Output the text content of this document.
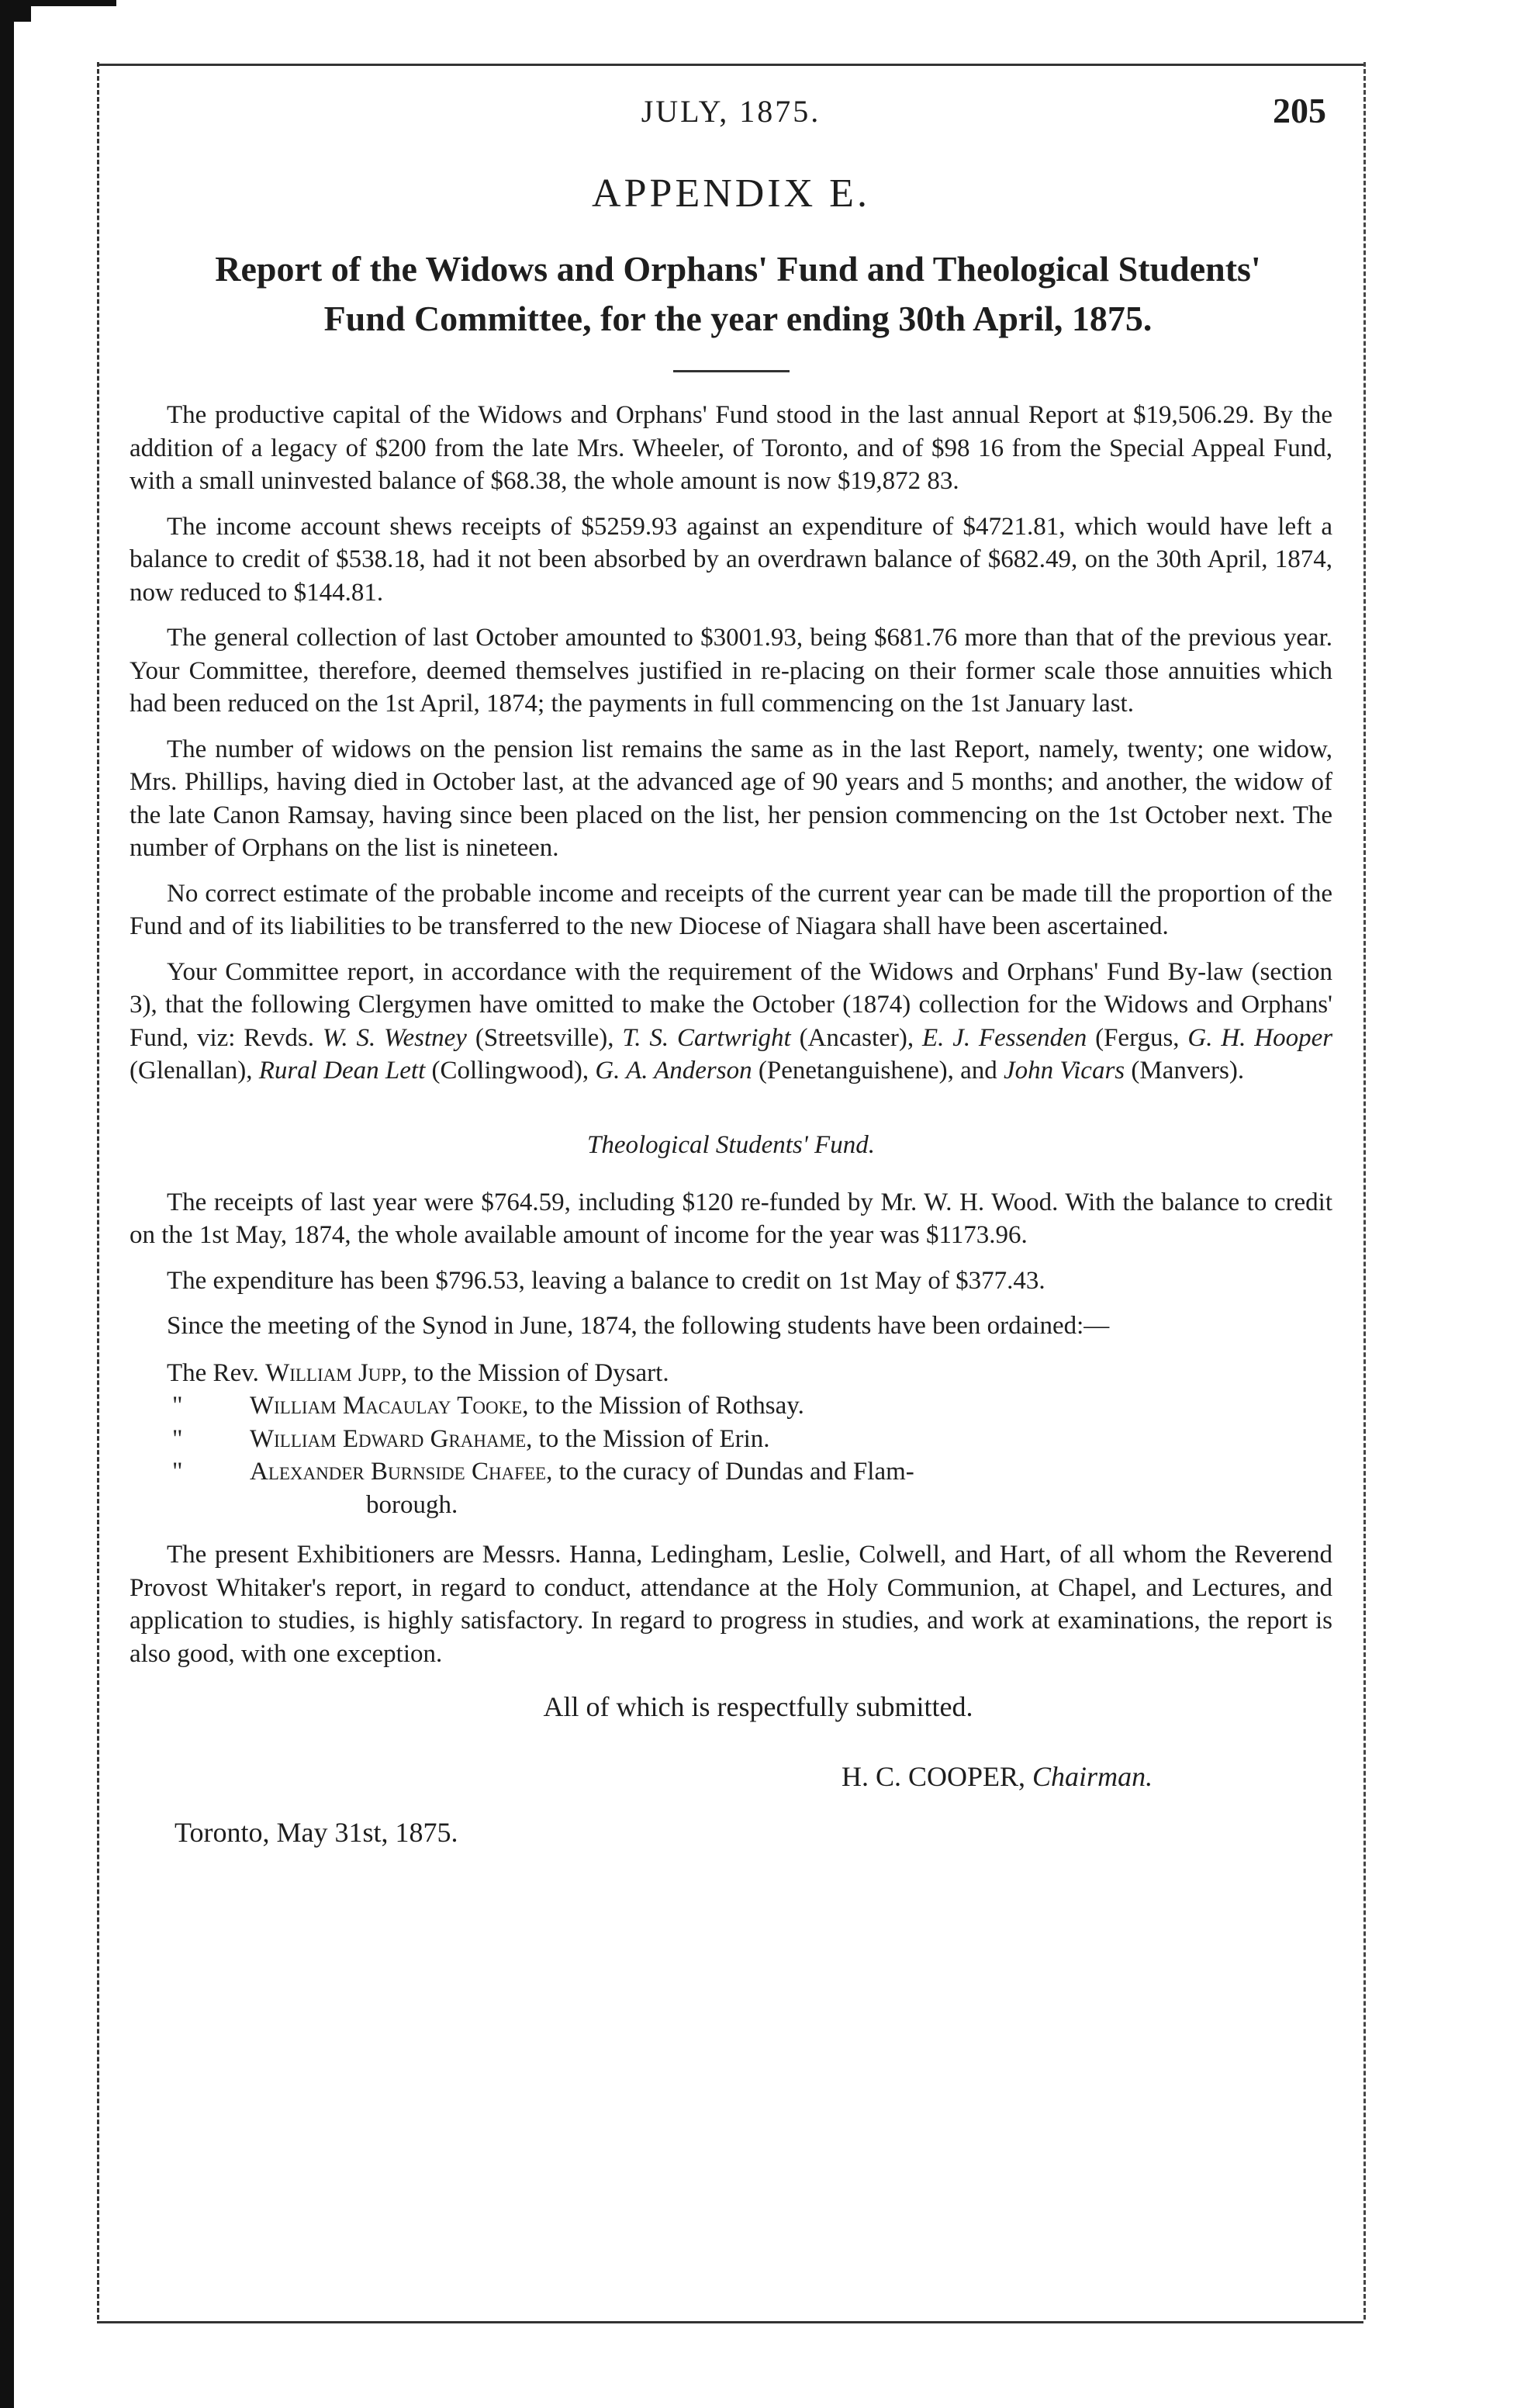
JULY, 1875.	205
APPENDIX E.
Report of the Widows and Orphans' Fund and Theological Students'
Fund Committee, for the year ending 30th April, 1875.

The productive capital of the Widows and Orphans' Fund stood in the last annual Report at $19,506.29. By the addition of a legacy of $200 from the late Mrs. Wheeler, of Toronto, and of $98 16 from the Special Appeal Fund, with a small uninvested balance of $68.38, the whole amount is now $19,872 83.

The income account shews receipts of $5259.93 against an expenditure of $4721.81, which would have left a balance to credit of $538.18, had it not been absorbed by an overdrawn balance of $682.49, on the 30th April, 1874, now reduced to $144.81.

The general collection of last October amounted to $3001.93, being $681.76 more than that of the previous year. Your Committee, therefore, deemed themselves justified in re-placing on their former scale those annuities which had been reduced on the 1st April, 1874; the payments in full commencing on the 1st January last.

The number of widows on the pension list remains the same as in the last Report, namely, twenty; one widow, Mrs. Phillips, having died in October last, at the advanced age of 90 years and 5 months; and another, the widow of the late Canon Ramsay, having since been placed on the list, her pension commencing on the 1st October next. The number of Orphans on the list is nineteen.

No correct estimate of the probable income and receipts of the current year can be made till the proportion of the Fund and of its liabilities to be transferred to the new Diocese of Niagara shall have been ascertained.

Your Committee report, in accordance with the requirement of the Widows and Orphans' Fund By-law (section 3), that the following Clergymen have omitted to make the October (1874) collection for the Widows and Orphans' Fund, viz: Revds. W. S. Westney (Streetsville), T. S. Cartwright (Ancaster), E. J. Fessenden (Fergus, G. H. Hooper (Glenallan), Rural Dean Lett (Collingwood), G. A. Anderson (Penetanguishene), and John Vicars (Manvers).

Theological Students' Fund.

The receipts of last year were $764.59, including $120 re-funded by Mr. W. H. Wood. With the balance to credit on the 1st May, 1874, the whole available amount of income for the year was $1173.96.

The expenditure has been $796.53, leaving a balance to credit on 1st May of $377.43.

Since the meeting of the Synod in June, 1874, the following students have been ordained:—

The Rev. William Jupp, to the Mission of Dysart.
"	William Macaulay Tooke, to the Mission of Rothsay.
"	William Edward Grahame, to the Mission of Erin.
"	Alexander Burnside Chafee, to the curacy of Dundas and Flam-
borough.

The present Exhibitioners are Messrs. Hanna, Ledingham, Leslie, Colwell, and Hart, of all whom the Reverend Provost Whitaker's report, in regard to conduct, attendance at the Holy Communion, at Chapel, and Lectures, and application to studies, is highly satisfactory. In regard to progress in studies, and work at examinations, the report is also good, with one exception.

All of which is respectfully submitted.
H. C. COOPER, Chairman.
Toronto, May 31st, 1875.
